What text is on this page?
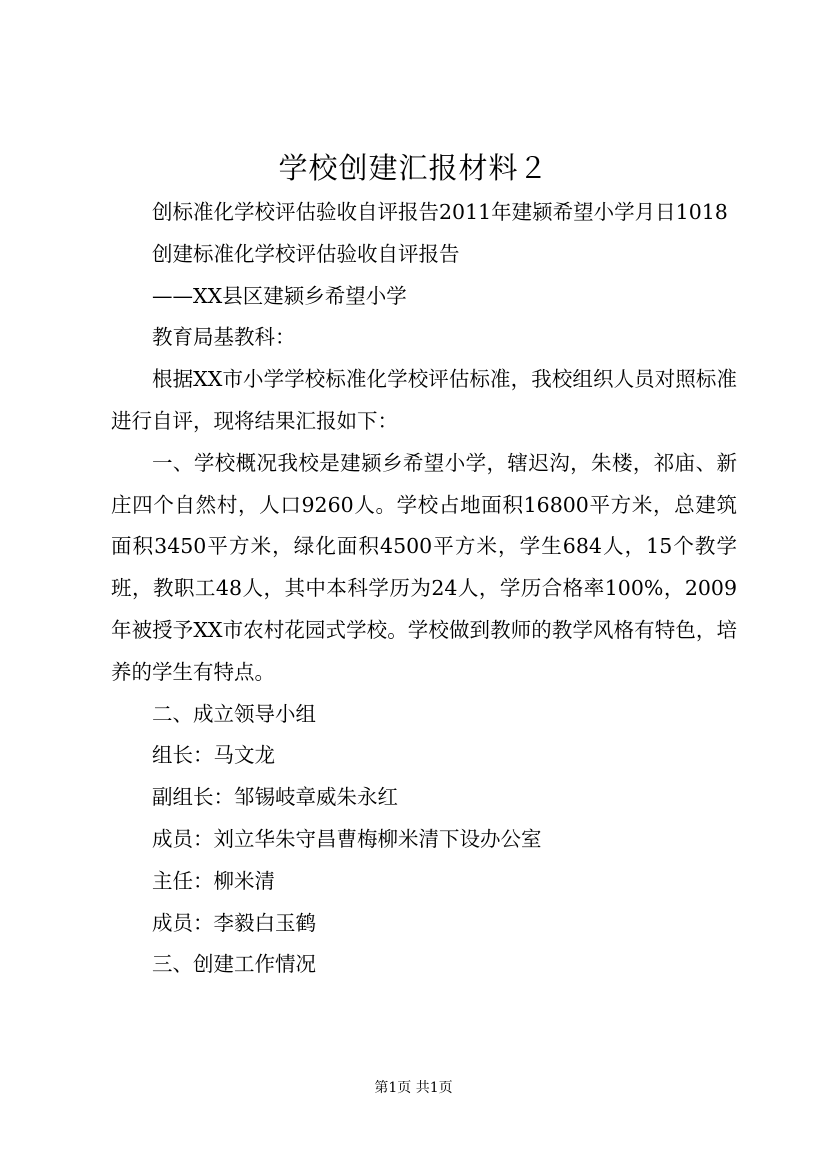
学校创建汇报材料２

创标准化学校评估验收自评报告2011年建颍希望小学月日1018

创建标准化学校评估验收自评报告

——XX县区建颍乡希望小学

教育局基教科：

根据XX市小学学校标准化学校评估标准，我校组织人员对照标准进行自评，现将结果汇报如下：

一、学校概况我校是建颍乡希望小学，辖迟沟，朱楼，祁庙、新庄四个自然村，人口9260人。学校占地面积16800平方米，总建筑面积3450平方米，绿化面积4500平方米，学生684人，15个教学班，教职工48人，其中本科学历为24人，学历合格率100%，2009年被授予XX市农村花园式学校。学校做到教师的教学风格有特色，培养的学生有特点。

二、成立领导小组

组长：马文龙

副组长：邹锡岐章威朱永红

成员：刘立华朱守昌曹梅柳米清下设办公室

主任：柳米清

成员：李毅白玉鹤

三、创建工作情况

第1页 共1页
